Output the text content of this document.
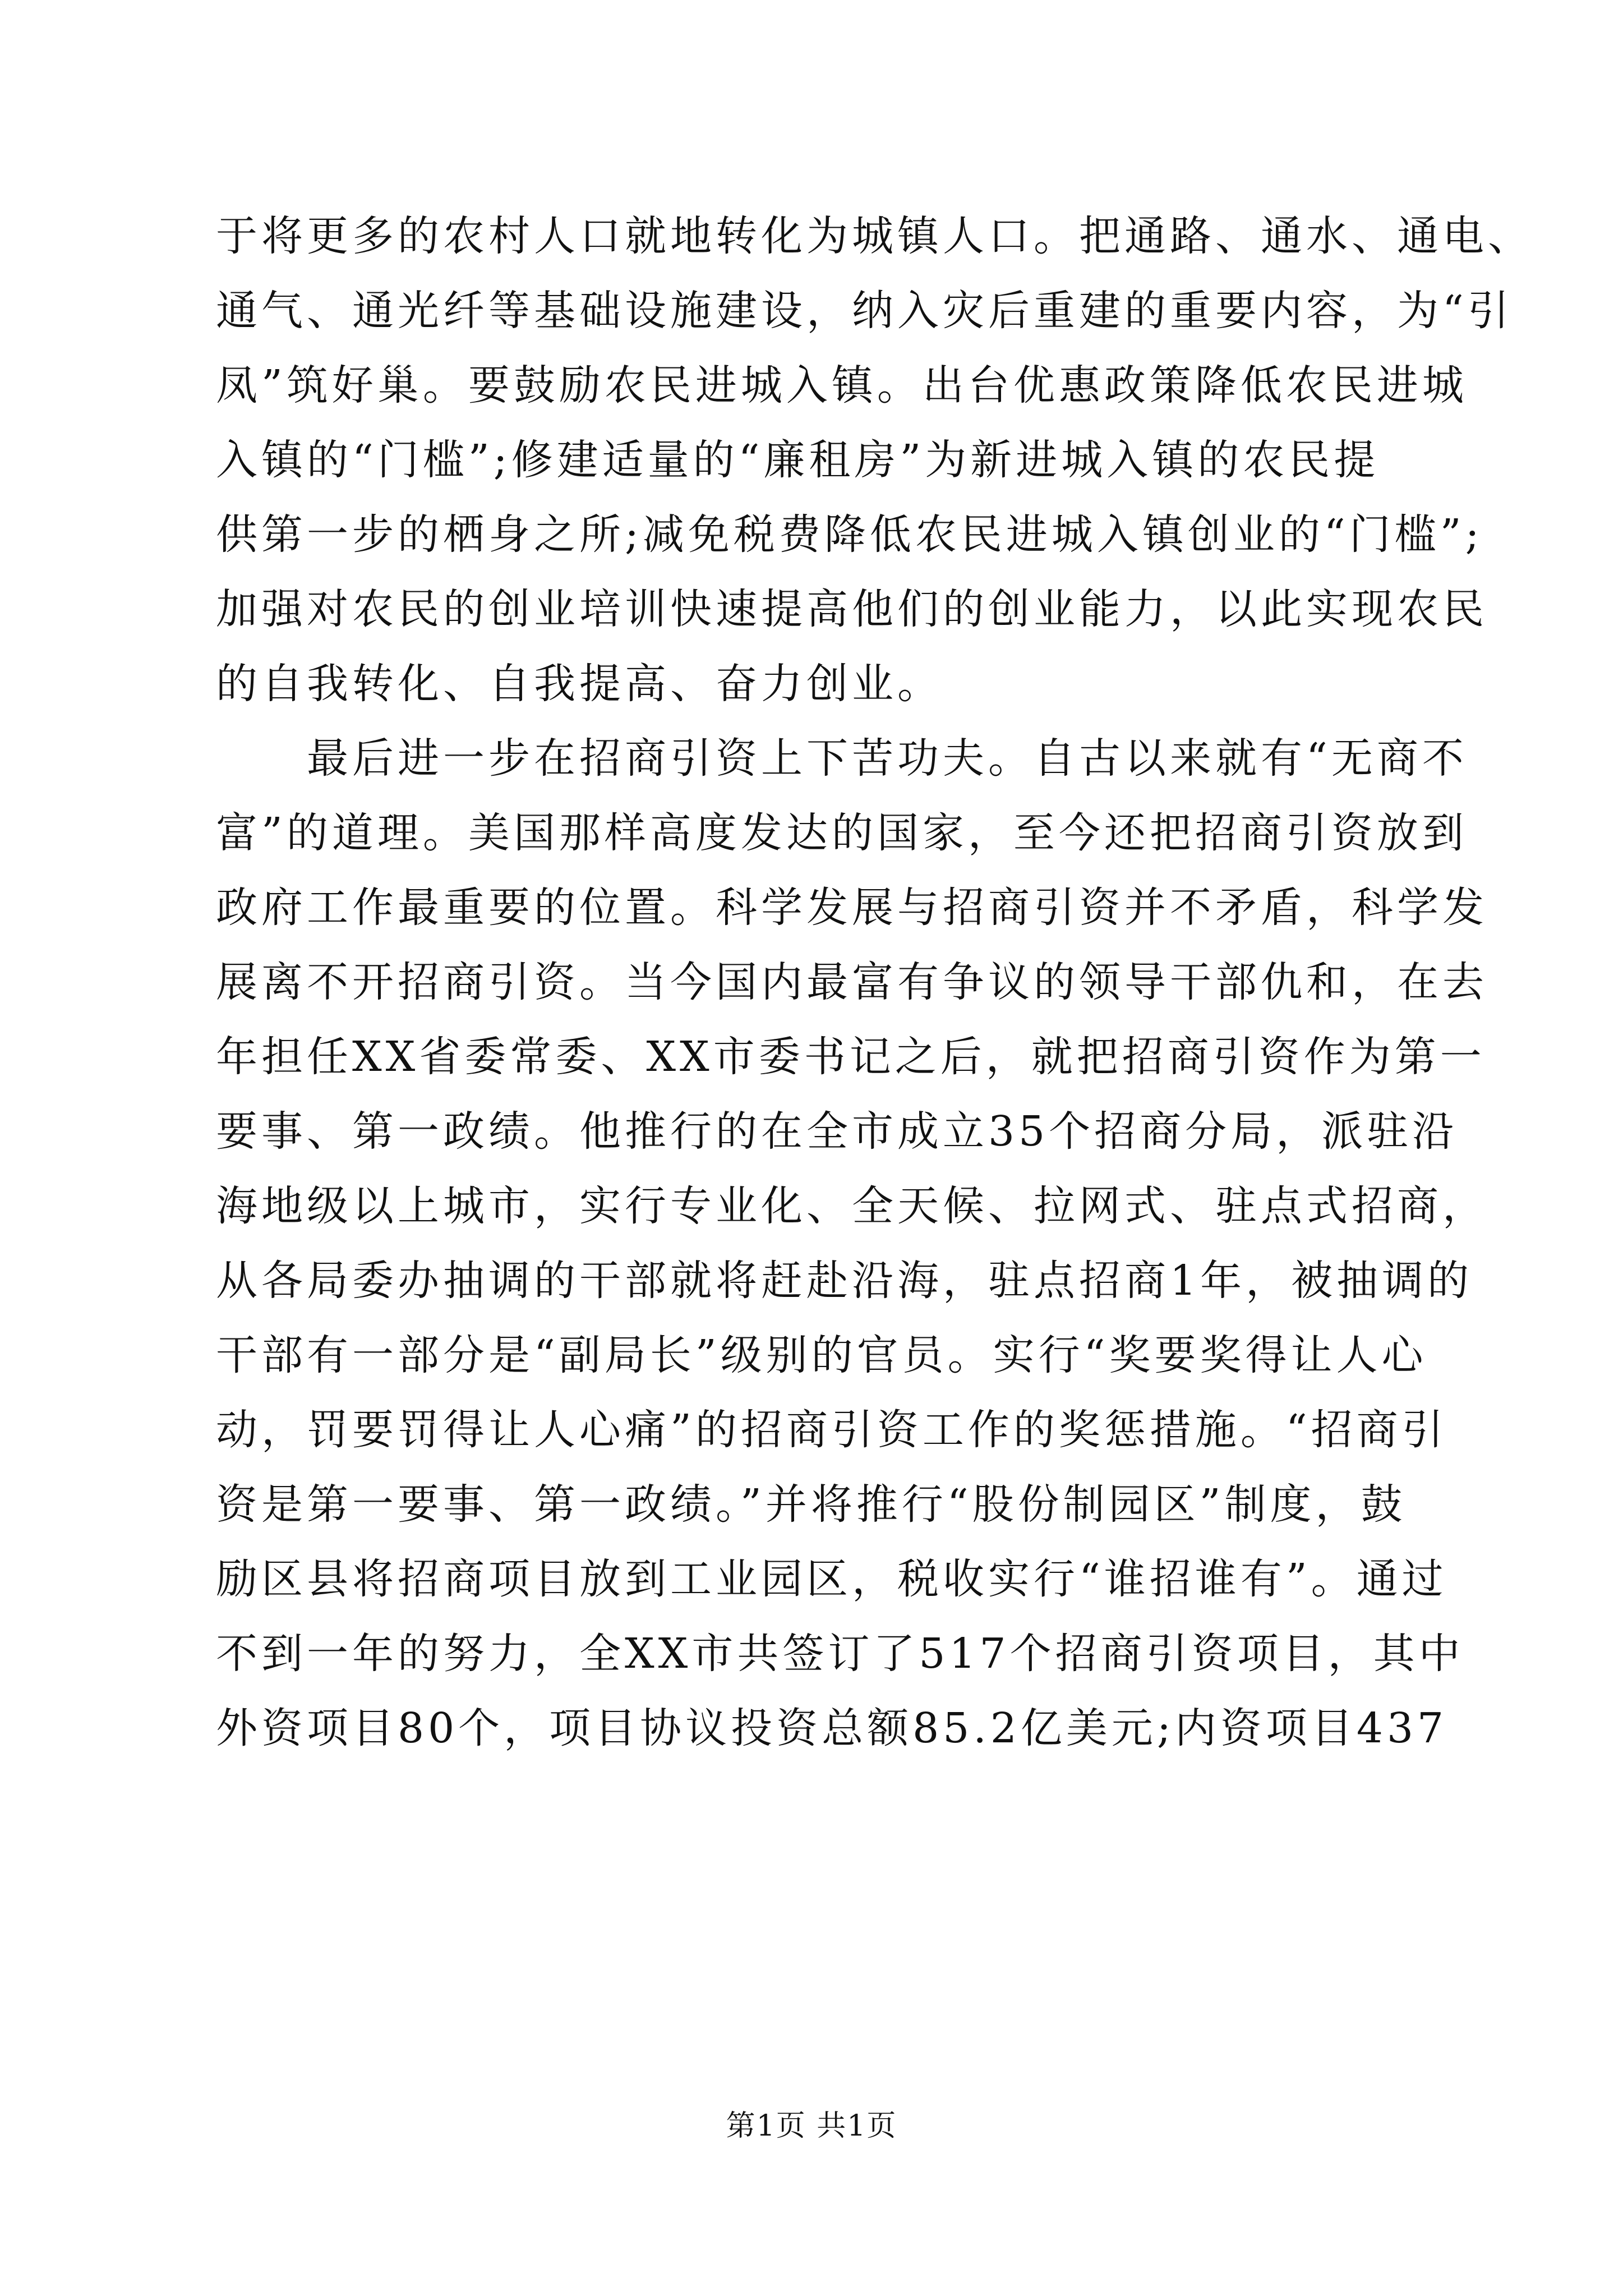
于将更多的农村人口就地转化为城镇人口。把通路、通水、通电、
通气、通光纤等基础设施建设，纳入灾后重建的重要内容，为“引
凤”筑好巢。要鼓励农民进城入镇。出台优惠政策降低农民进城
入镇的“门槛”;修建适量的“廉租房”为新进城入镇的农民提
供第一步的栖身之所;减免税费降低农民进城入镇创业的“门槛”;
加强对农民的创业培训快速提高他们的创业能力，以此实现农民
的自我转化、自我提高、奋力创业。
　　最后进一步在招商引资上下苦功夫。自古以来就有“无商不
富”的道理。美国那样高度发达的国家，至今还把招商引资放到
政府工作最重要的位置。科学发展与招商引资并不矛盾，科学发
展离不开招商引资。当今国内最富有争议的领导干部仇和，在去
年担任XX省委常委、XX市委书记之后，就把招商引资作为第一
要事、第一政绩。他推行的在全市成立35个招商分局，派驻沿
海地级以上城市，实行专业化、全天候、拉网式、驻点式招商，
从各局委办抽调的干部就将赶赴沿海，驻点招商1年，被抽调的
干部有一部分是“副局长”级别的官员。实行“奖要奖得让人心
动，罚要罚得让人心痛”的招商引资工作的奖惩措施。“招商引
资是第一要事、第一政绩。”并将推行“股份制园区”制度，鼓
励区县将招商项目放到工业园区，税收实行“谁招谁有”。通过
不到一年的努力，全XX市共签订了517个招商引资项目，其中
外资项目80个，项目协议投资总额85.2亿美元;内资项目437
第1页 共1页
